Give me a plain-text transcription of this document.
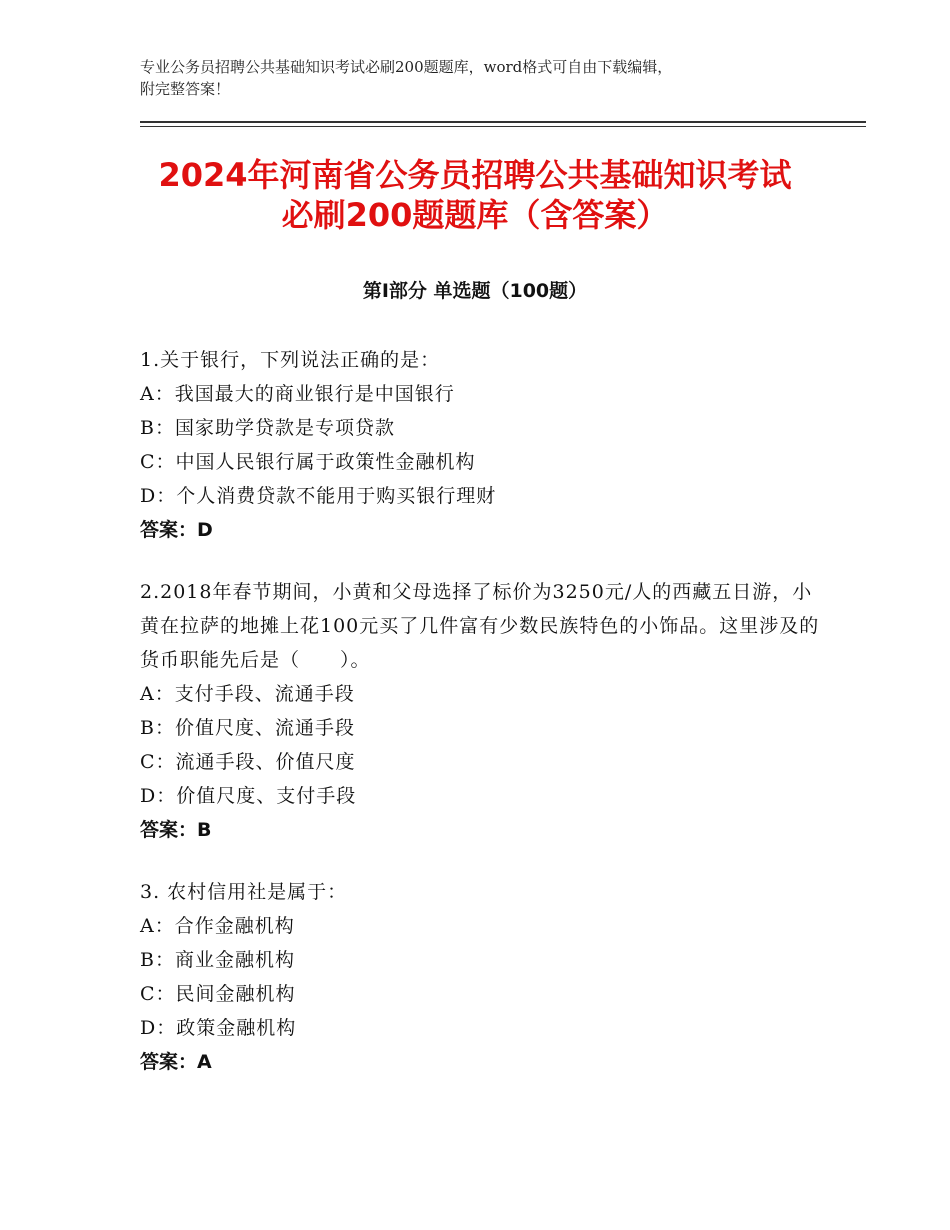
专业公务员招聘公共基础知识考试必刷200题题库，word格式可自由下载编辑，
附完整答案！
2024年河南省公务员招聘公共基础知识考试
必刷200题题库（含答案）
第Ⅰ部分 单选题（100题）

1.关于银行，下列说法正确的是：

A：我国最大的商业银行是中国银行

B：国家助学贷款是专项贷款

C：中国人民银行属于政策性金融机构

D：个人消费贷款不能用于购买银行理财

答案：D

2.2018年春节期间，小黄和父母选择了标价为3250元/人的西藏五日游，小黄在拉萨的地摊上花100元买了几件富有少数民族特色的小饰品。这里涉及的货币职能先后是（　　）。

A：支付手段、流通手段

B：价值尺度、流通手段

C：流通手段、价值尺度

D：价值尺度、支付手段

答案：B

3. 农村信用社是属于：

A：合作金融机构

B：商业金融机构

C：民间金融机构

D：政策金融机构

答案：A
